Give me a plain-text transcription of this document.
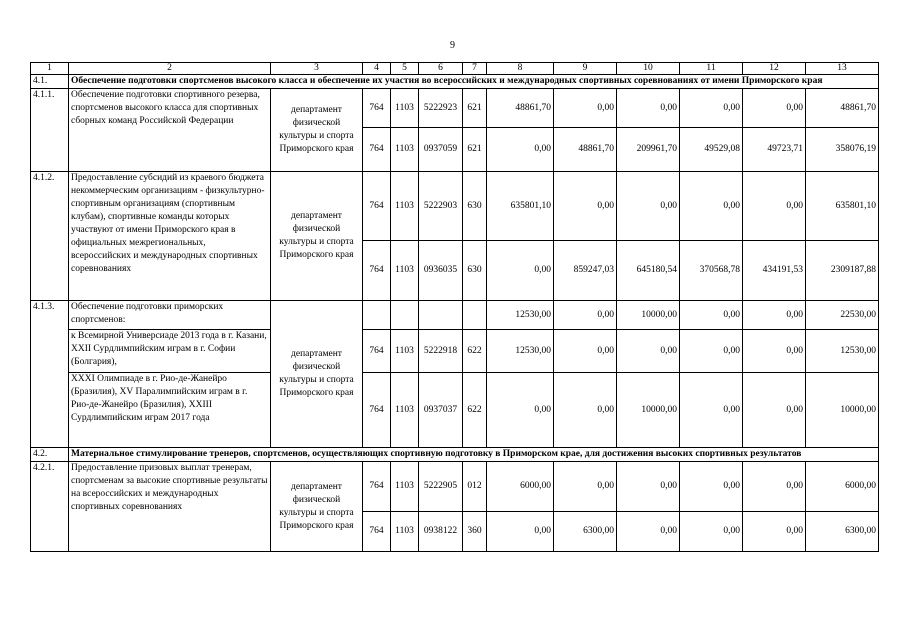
9
1	2	3	4	5	6	7	8	9	10	11	12	13
4.1.	Обеспечение подготовки спортсменов высокого класса и обеспечение их участия во всероссийских и международных спортивных соревнованиях от имени Приморского края											
4.1.1.	Обеспечение подготовки спортивного резерва, спортсменов высокого класса для спортивных сборных команд Российской Федерации	департамент физической культуры и спорта Приморского края	764	1103	5222923	621	48861,70	0,00	0,00	0,00	0,00	48861,70
			764	1103	0937059	621	0,00	48861,70	209961,70	49529,08	49723,71	358076,19
4.1.2.	Предоставление субсидий из краевого бюджета некоммерческим организациям - физкультурно-спортивным организациям (спортивным клубам), спортивные команды которых участвуют от имени Приморского края в официальных межрегиональных, всероссийских и международных спортивных соревнованиях	департамент физической культуры и спорта Приморского края	764	1103	5222903	630	635801,10	0,00	0,00	0,00	0,00	635801,10
			764	1103	0936035	630	0,00	859247,03	645180,54	370568,78	434191,53	2309187,88
4.1.3.	Обеспечение подготовки приморских спортсменов:	департамент физической культуры и спорта Приморского края					12530,00	0,00	10000,00	0,00	0,00	22530,00
	к Всемирной Универсиаде 2013 года в г. Казани, XXII Сурдлимпийским играм в г. Софии (Болгария),		764	1103	5222918	622	12530,00	0,00	0,00	0,00	0,00	12530,00
	XXXI Олимпиаде в г. Рио-де-Жанейро (Бразилия), XV Паралимпийским играм в г. Рио-де-Жанейро (Бразилия), XXIII Сурдлимпийским играм 2017 года		764	1103	0937037	622	0,00	0,00	10000,00	0,00	0,00	10000,00
4.2.	Материальное стимулирование тренеров, спортсменов, осуществляющих спортивную подготовку в Приморском крае, для достижения высоких спортивных результатов											
4.2.1.	Предоставление призовых выплат тренерам, спортсменам за высокие спортивные результаты на всероссийских и международных спортивных соревнованиях	департамент физической культуры и спорта Приморского края	764	1103	5222905	012	6000,00	0,00	0,00	0,00	0,00	6000,00
			764	1103	0938122	360	0,00	6300,00	0,00	0,00	0,00	6300,00
